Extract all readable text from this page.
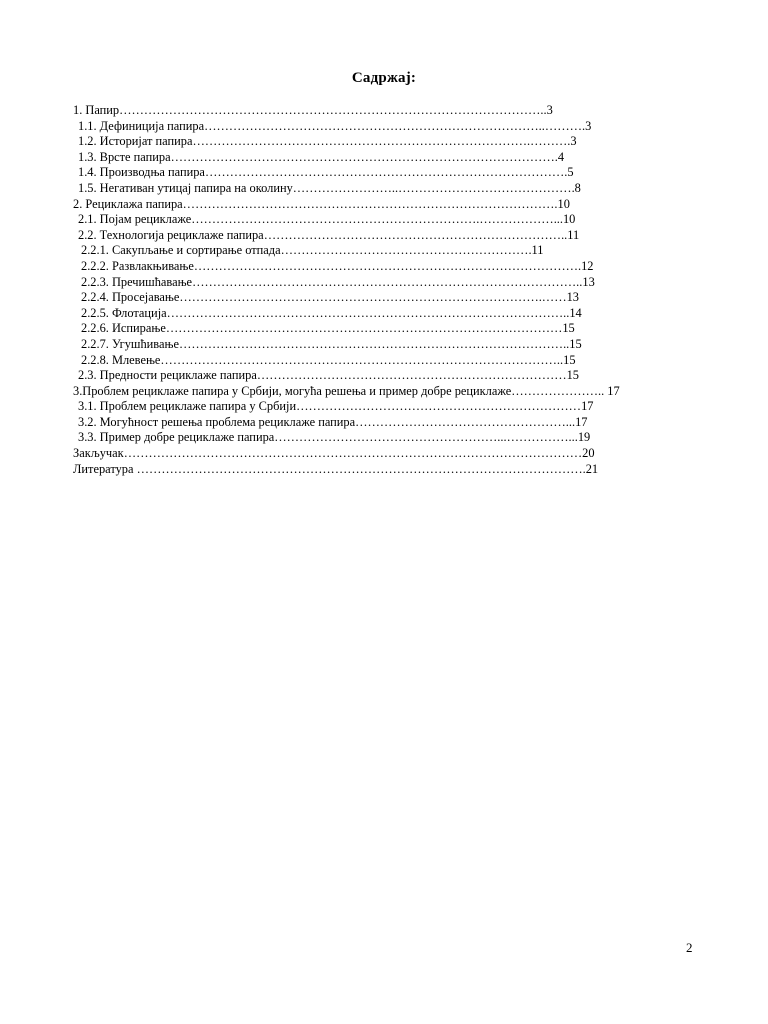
Садржај:
1. Папир…………………………………………………………………………………………..3
1.1. Дефиниција папира………………………………………………………………………..……….3
1.2. Историјат папира……………………………………………………………………….……….3
1.3. Врсте папира………………………………………………………………………………….4
1.4. Производња папира…………………………………………………………………………….5
1.5. Негативан утицај папира на околину……………………..…………………………………….8
2. Рециклажа папира……………………………………………………………………………….10
2.1. Појам рециклаже…………………………………………………………….………………...10
2.2. Технологија рециклаже папира………………………………………………………………..11
2.2.1. Сакупљање и сортирање отпада…………………………………………………….11
2.2.2. Развлакњивање………………………………………………………………………………….12
2.2.3. Пречишћавање…………………………………………………………………………………..13
2.2.4. Просејавање…………………………………………………………………………….……13
2.2.5. Флотација……………………………………………………………………………………..14
2.2.6. Испирање……………………………………………………………………………………15
2.2.7. Угушћивање…………………………………………………………………………………..15
2.2.8. Млевење……………………………………………………………………………………..15
2.3. Предности рециклаже папира…………………………………………………………………15
3.Проблем рециклаже папира у Србији, могућа решења и пример добре рециклаже………………….. 17
3.1. Проблем рециклаже папира у Србији……………………………………………………………17
3.2. Могућност решења проблема рециклаже папира……………………………………………...17
3.3. Пример добре рециклаже папира………………………………………………...……………...19
Закључак…………………………………………………………………………………………………20
Литература ……………………………………………………………………………………………….21
2
